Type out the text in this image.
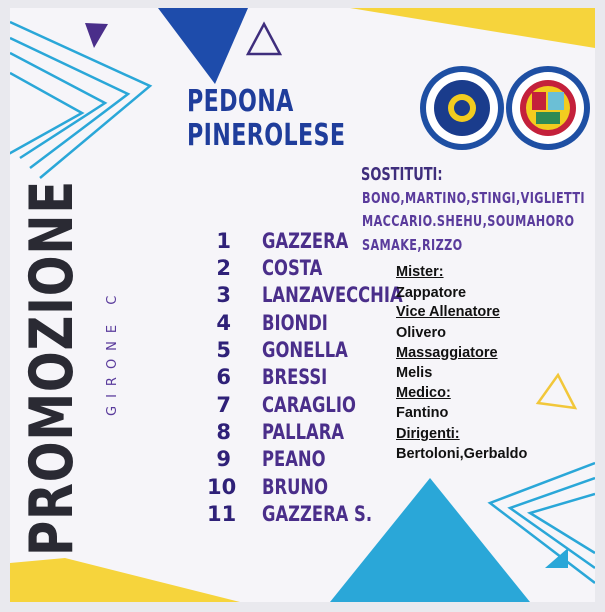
PEDONA
PINEROLESE
PROMOZIONE GIRONE C
SOSTITUTI:
BONO,MARTINO,STINGI,VIGLIETTI
MACCARIO.SHEHU,SOUMAHORO
SAMAKE,RIZZO
1 GAZZERA
2 COSTA
3 LANZAVECCHIA
4 BIONDI
5 GONELLA
6 BRESSI
7 CARAGLIO
8 PALLARA
9 PEANO
10 BRUNO
11 GAZZERA S.
Mister:
Zappatore
Vice Allenatore
Olivero
Massaggiatore
Melis
Medico:
Fantino
Dirigenti:
Bertoloni,Gerbaldo
